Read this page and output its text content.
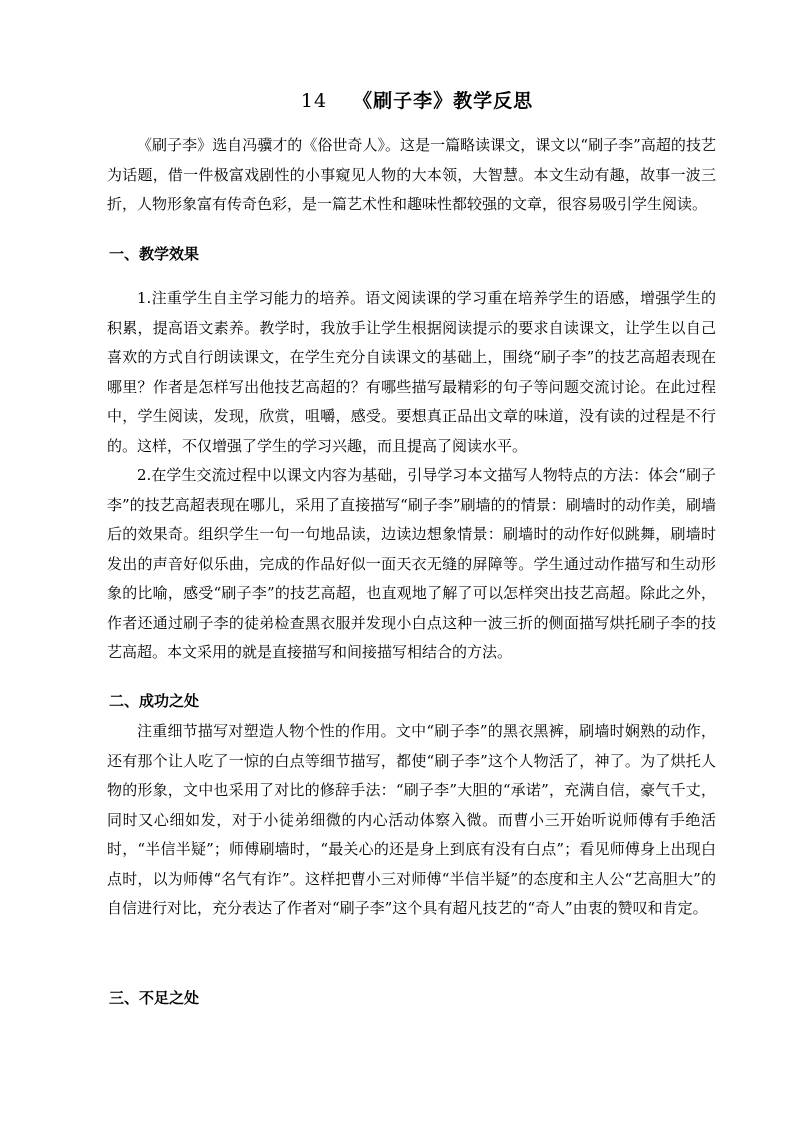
14 《刷子李》教学反思

《刷子李》选自冯骥才的《俗世奇人》。这是一篇略读课文，课文以“刷子李”高超的技艺为话题，借一件极富戏剧性的小事窥见人物的大本领，大智慧。本文生动有趣，故事一波三折，人物形象富有传奇色彩，是一篇艺术性和趣味性都较强的文章，很容易吸引学生阅读。

一、教学效果

1.注重学生自主学习能力的培养。语文阅读课的学习重在培养学生的语感，增强学生的积累，提高语文素养。教学时，我放手让学生根据阅读提示的要求自读课文，让学生以自己喜欢的方式自行朗读课文，在学生充分自读课文的基础上，围绕“刷子李”的技艺高超表现在哪里？作者是怎样写出他技艺高超的？有哪些描写最精彩的句子等问题交流讨论。在此过程中，学生阅读，发现，欣赏，咀嚼，感受。要想真正品出文章的味道，没有读的过程是不行的。这样，不仅增强了学生的学习兴趣，而且提高了阅读水平。

2.在学生交流过程中以课文内容为基础，引导学习本文描写人物特点的方法：体会“刷子李”的技艺高超表现在哪儿，采用了直接描写“刷子李”刷墙的的情景：刷墙时的动作美，刷墙后的效果奇。组织学生一句一句地品读，边读边想象情景：刷墙时的动作好似跳舞，刷墙时发出的声音好似乐曲，完成的作品好似一面天衣无缝的屏障等。学生通过动作描写和生动形象的比喻，感受“刷子李”的技艺高超，也直观地了解了可以怎样突出技艺高超。除此之外，作者还通过刷子李的徒弟检查黑衣服并发现小白点这种一波三折的侧面描写烘托刷子李的技艺高超。本文采用的就是直接描写和间接描写相结合的方法。

二、成功之处

注重细节描写对塑造人物个性的作用。文中“刷子李”的黑衣黑裤，刷墙时娴熟的动作，还有那个让人吃了一惊的白点等细节描写，都使“刷子李”这个人物活了，神了。为了烘托人物的形象，文中也采用了对比的修辞手法：“刷子李”大胆的“承诺”，充满自信，豪气千丈，同时又心细如发，对于小徒弟细微的内心活动体察入微。而曹小三开始听说师傅有手绝活时，“半信半疑”；师傅刷墙时，“最关心的还是身上到底有没有白点”；看见师傅身上出现白点时，以为师傅“名气有诈”。这样把曹小三对师傅“半信半疑”的态度和主人公“艺高胆大”的自信进行对比，充分表达了作者对“刷子李”这个具有超凡技艺的“奇人”由衷的赞叹和肯定。

三、不足之处
